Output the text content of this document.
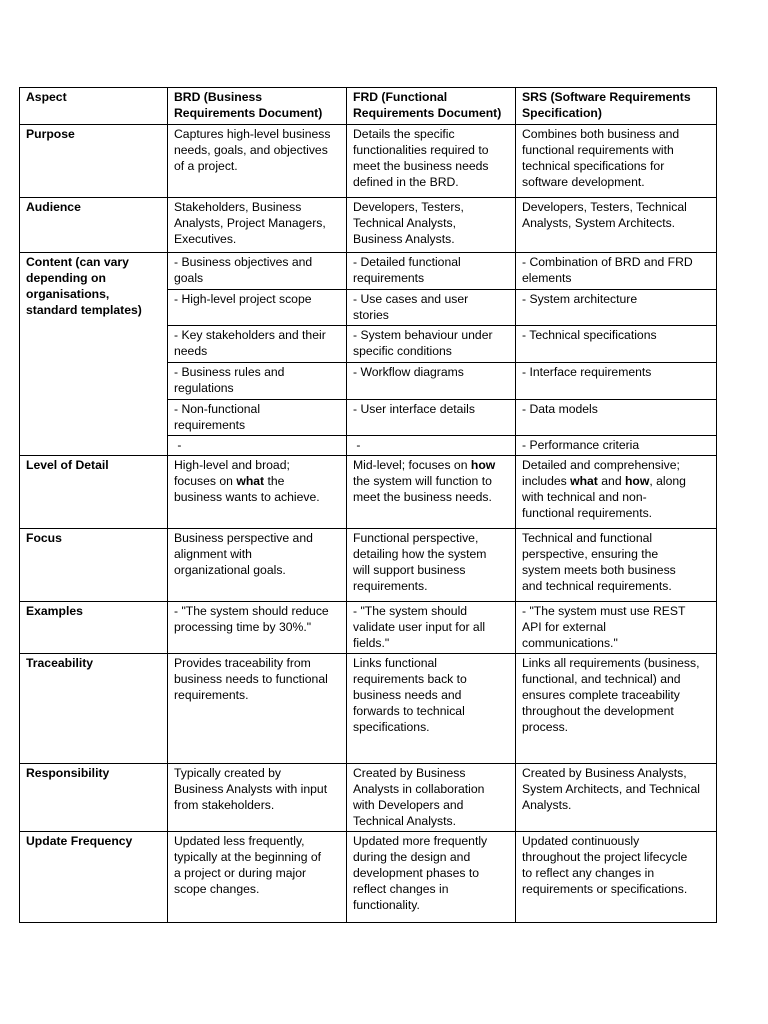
Aspect	BRD (Business
Requirements Document)	FRD (Functional
Requirements Document)	SRS (Software Requirements
Specification)

Purpose	Captures high-level business
needs, goals, and objectives
of a project.	Details the specific
functionalities required to
meet the business needs
defined in the BRD.	Combines both business and
functional requirements with
technical specifications for
software development.

Audience	Stakeholders, Business
Analysts, Project Managers,
Executives.	Developers, Testers,
Technical Analysts,
Business Analysts.	Developers, Testers, Technical
Analysts, System Architects.

Content (can vary
depending on
organisations,
standard templates)	- Business objectives and
goals	- Detailed functional
requirements	- Combination of BRD and FRD
elements

	- High-level project scope	- Use cases and user
stories	- System architecture

	- Key stakeholders and their
needs	- System behaviour under
specific conditions	- Technical specifications

	- Business rules and
regulations	- Workflow diagrams	- Interface requirements

	- Non-functional
requirements	- User interface details	- Data models

	-	-	- Performance criteria

Level of Detail	High-level and broad;
focuses on what the
business wants to achieve.	Mid-level; focuses on how
the system will function to
meet the business needs.	Detailed and comprehensive;
includes what and how, along
with technical and non-
functional requirements.

Focus	Business perspective and
alignment with
organizational goals.	Functional perspective,
detailing how the system
will support business
requirements.	Technical and functional
perspective, ensuring the
system meets both business
and technical requirements.

Examples	- "The system should reduce
processing time by 30%."	- "The system should
validate user input for all
fields."	- "The system must use REST
API for external
communications."

Traceability	Provides traceability from
business needs to functional
requirements.	Links functional
requirements back to
business needs and
forwards to technical
specifications.	Links all requirements (business,
functional, and technical) and
ensures complete traceability
throughout the development
process.

Responsibility	Typically created by
Business Analysts with input
from stakeholders.	Created by Business
Analysts in collaboration
with Developers and
Technical Analysts.	Created by Business Analysts,
System Architects, and Technical
Analysts.

Update Frequency	Updated less frequently,
typically at the beginning of
a project or during major
scope changes.	Updated more frequently
during the design and
development phases to
reflect changes in
functionality.	Updated continuously
throughout the project lifecycle
to reflect any changes in
requirements or specifications.
